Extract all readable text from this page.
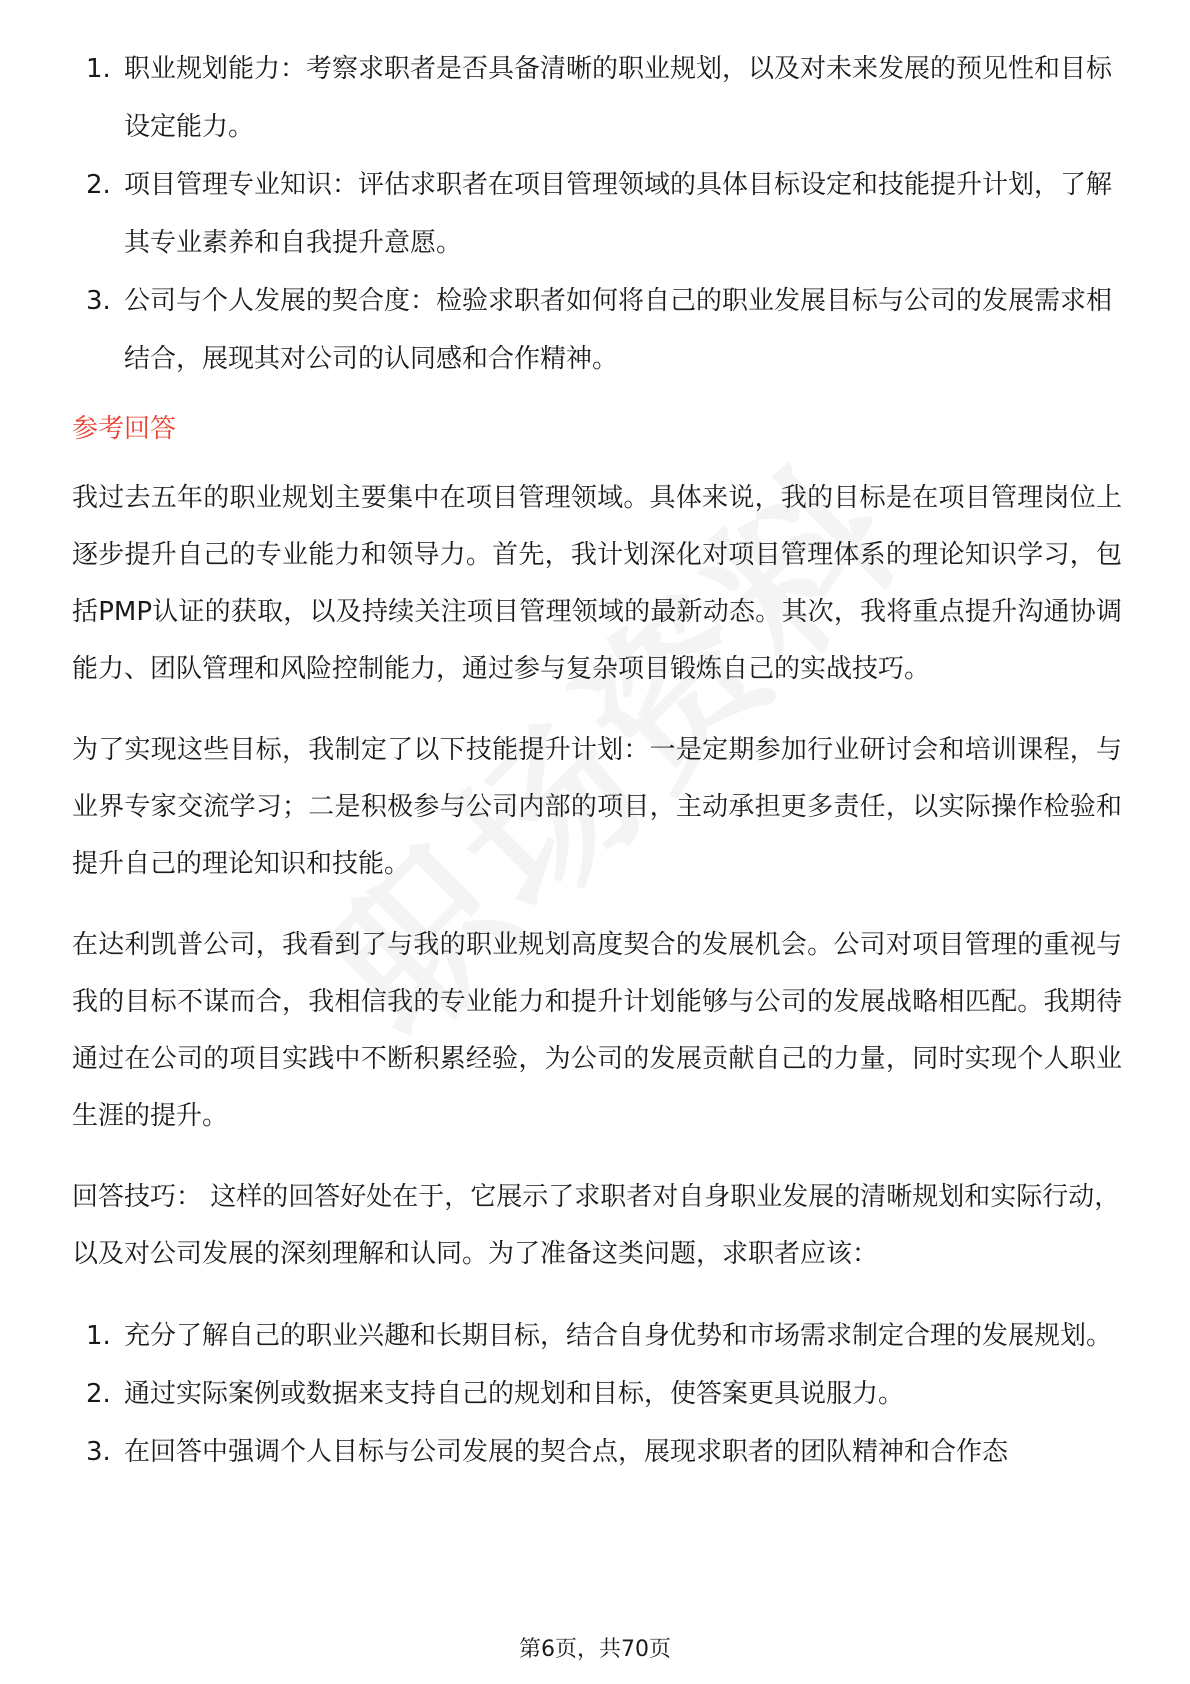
1. 职业规划能力：考察求职者是否具备清晰的职业规划，以及对未来发展的预见性和目标设定能力。
2. 项目管理专业知识：评估求职者在项目管理领域的具体目标设定和技能提升计划，了解其专业素养和自我提升意愿。
3. 公司与个人发展的契合度：检验求职者如何将自己的职业发展目标与公司的发展需求相结合，展现其对公司的认同感和合作精神。
参考回答

我过去五年的职业规划主要集中在项目管理领域。具体来说，我的目标是在项目管理岗位上逐步提升自己的专业能力和领导力。首先，我计划深化对项目管理体系的理论知识学习，包括PMP认证的获取，以及持续关注项目管理领域的最新动态。其次，我将重点提升沟通协调能力、团队管理和风险控制能力，通过参与复杂项目锻炼自己的实战技巧。

为了实现这些目标，我制定了以下技能提升计划：一是定期参加行业研讨会和培训课程，与业界专家交流学习；二是积极参与公司内部的项目，主动承担更多责任，以实际操作检验和提升自己的理论知识和技能。

在达利凯普公司，我看到了与我的职业规划高度契合的发展机会。公司对项目管理的重视与我的目标不谋而合，我相信我的专业能力和提升计划能够与公司的发展战略相匹配。我期待通过在公司的项目实践中不断积累经验，为公司的发展贡献自己的力量，同时实现个人职业生涯的提升。

回答技巧： 这样的回答好处在于，它展示了求职者对自身职业发展的清晰规划和实际行动，以及对公司发展的深刻理解和认同。为了准备这类问题，求职者应该：

1. 充分了解自己的职业兴趣和长期目标，结合自身优势和市场需求制定合理的发展规划。
2. 通过实际案例或数据来支持自己的规划和目标，使答案更具说服力。
3. 在回答中强调个人目标与公司发展的契合点，展现求职者的团队精神和合作态
第6页，共70页
